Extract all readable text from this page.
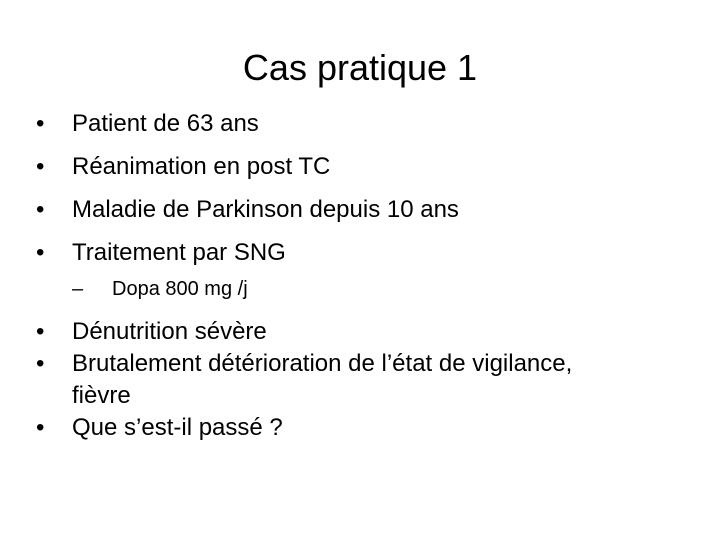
Cas pratique 1
•	Patient de 63 ans
•	Réanimation en post TC
•	Maladie de Parkinson depuis 10 ans
•	Traitement par SNG
–	Dopa 800 mg /j
•	Dénutrition sévère
•	Brutalement détérioration de l’état de vigilance, fièvre
•	Que s’est-il passé ?
